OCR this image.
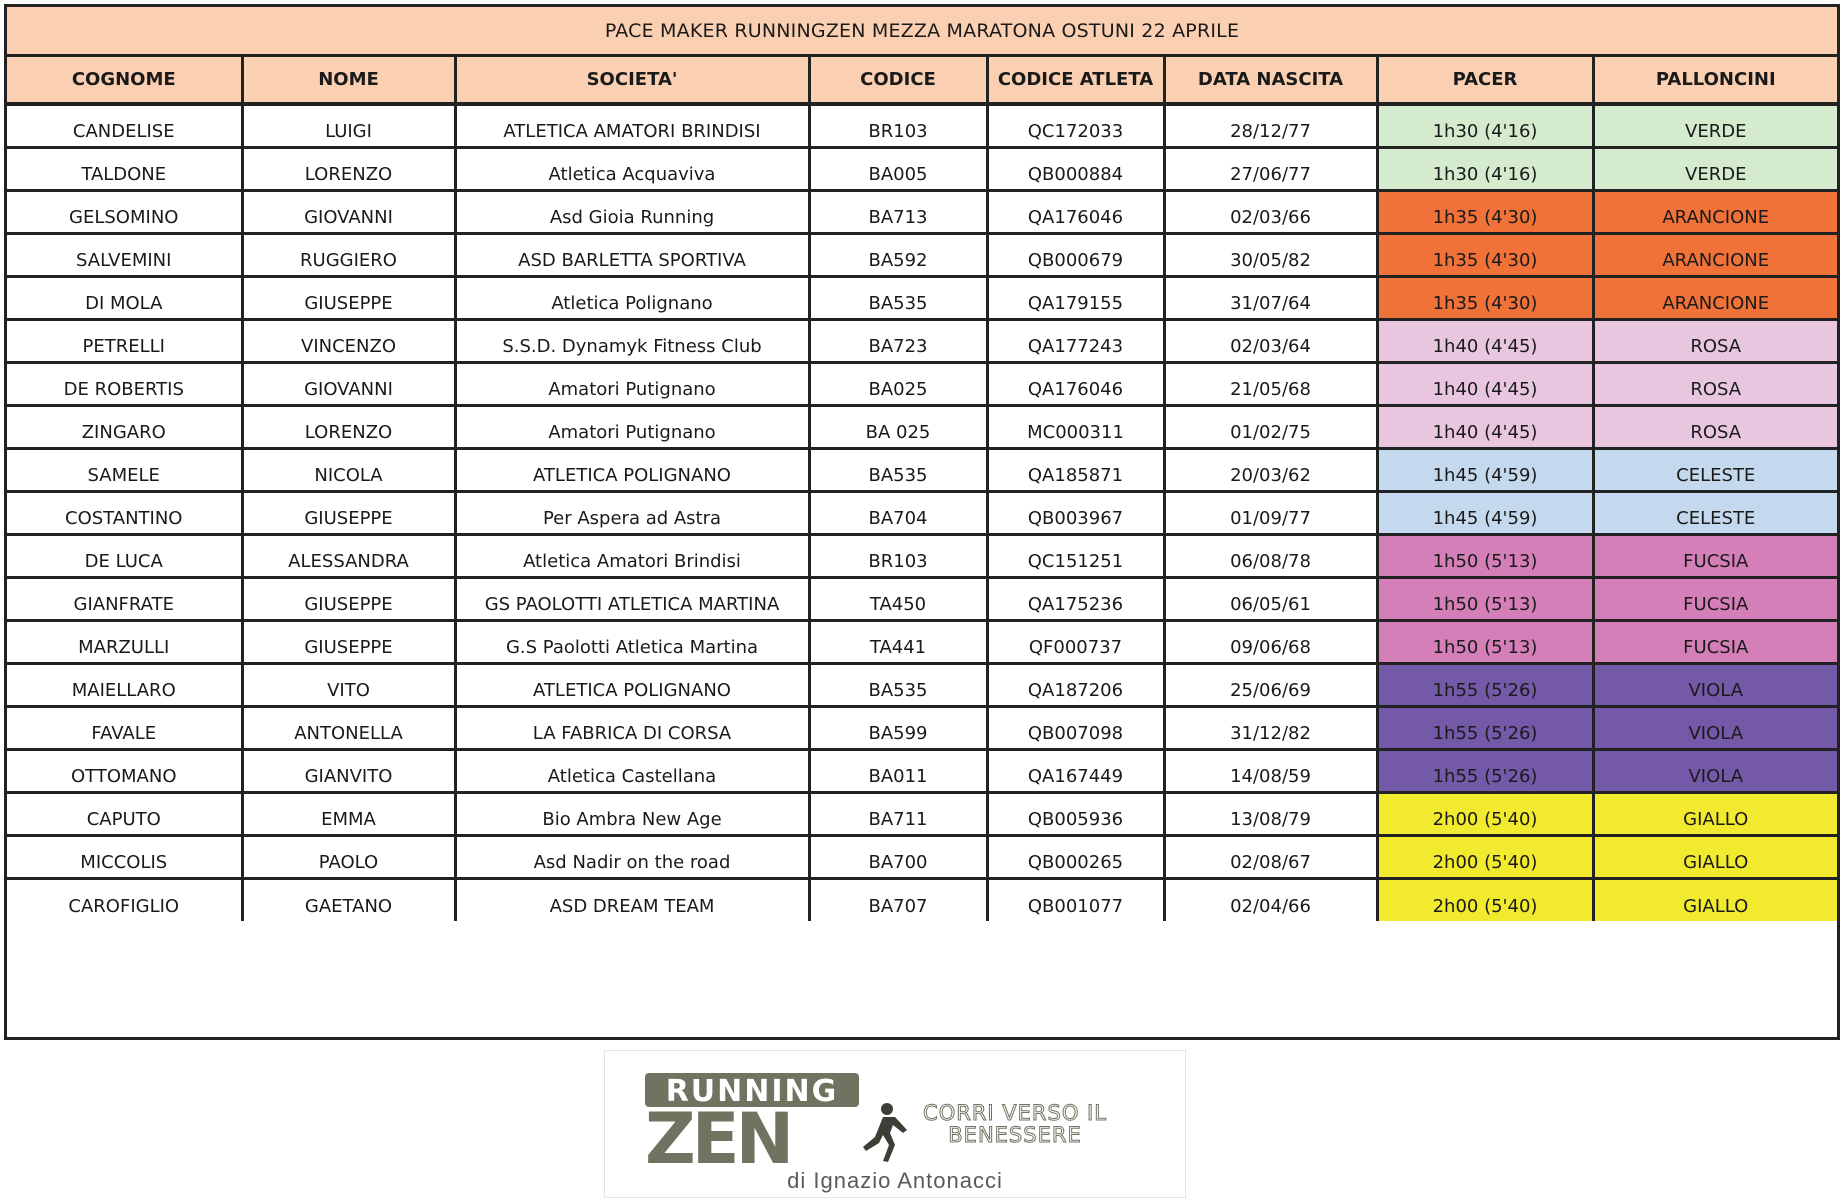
PACE MAKER RUNNINGZEN MEZZA MARATONA OSTUNI 22 APRILE
COGNOME	NOME	SOCIETA'	CODICE	CODICE ATLETA	DATA NASCITA	PACER	PALLONCINI
CANDELISE	LUIGI	ATLETICA AMATORI BRINDISI	BR103	QC172033	28/12/77	1h30 (4'16)	VERDE
TALDONE	LORENZO	Atletica Acquaviva	BA005	QB000884	27/06/77	1h30 (4'16)	VERDE
GELSOMINO	GIOVANNI	Asd Gioia Running	BA713	QA176046	02/03/66	1h35 (4'30)	ARANCIONE
SALVEMINI	RUGGIERO	ASD BARLETTA SPORTIVA	BA592	QB000679	30/05/82	1h35 (4'30)	ARANCIONE
DI MOLA	GIUSEPPE	Atletica Polignano	BA535	QA179155	31/07/64	1h35 (4'30)	ARANCIONE
PETRELLI	VINCENZO	S.S.D. Dynamyk Fitness Club	BA723	QA177243	02/03/64	1h40 (4'45)	ROSA
DE ROBERTIS	GIOVANNI	Amatori Putignano	BA025	QA176046	21/05/68	1h40 (4'45)	ROSA
ZINGARO	LORENZO	Amatori Putignano	BA 025	MC000311	01/02/75	1h40 (4'45)	ROSA
SAMELE	NICOLA	ATLETICA POLIGNANO	BA535	QA185871	20/03/62	1h45 (4'59)	CELESTE
COSTANTINO	GIUSEPPE	Per Aspera ad Astra	BA704	QB003967	01/09/77	1h45 (4'59)	CELESTE
DE LUCA	ALESSANDRA	Atletica Amatori Brindisi	BR103	QC151251	06/08/78	1h50 (5'13)	FUCSIA
GIANFRATE	GIUSEPPE	GS PAOLOTTI ATLETICA MARTINA	TA450	QA175236	06/05/61	1h50 (5'13)	FUCSIA
MARZULLI	GIUSEPPE	G.S Paolotti Atletica Martina	TA441	QF000737	09/06/68	1h50 (5'13)	FUCSIA
MAIELLARO	VITO	ATLETICA POLIGNANO	BA535	QA187206	25/06/69	1h55 (5'26)	VIOLA
FAVALE	ANTONELLA	LA FABRICA DI CORSA	BA599	QB007098	31/12/82	1h55 (5'26)	VIOLA
OTTOMANO	GIANVITO	Atletica Castellana	BA011	QA167449	14/08/59	1h55 (5'26)	VIOLA
CAPUTO	EMMA	Bio Ambra New Age	BA711	QB005936	13/08/79	2h00 (5'40)	GIALLO
MICCOLIS	PAOLO	Asd Nadir on the road	BA700	QB000265	02/08/67	2h00 (5'40)	GIALLO
CAROFIGLIO	GAETANO	ASD DREAM TEAM	BA707	QB001077	02/04/66	2h00 (5'40)	GIALLO
RUNNING
ZEN	CORRI VERSO IL
BENESSERE
di Ignazio Antonacci
